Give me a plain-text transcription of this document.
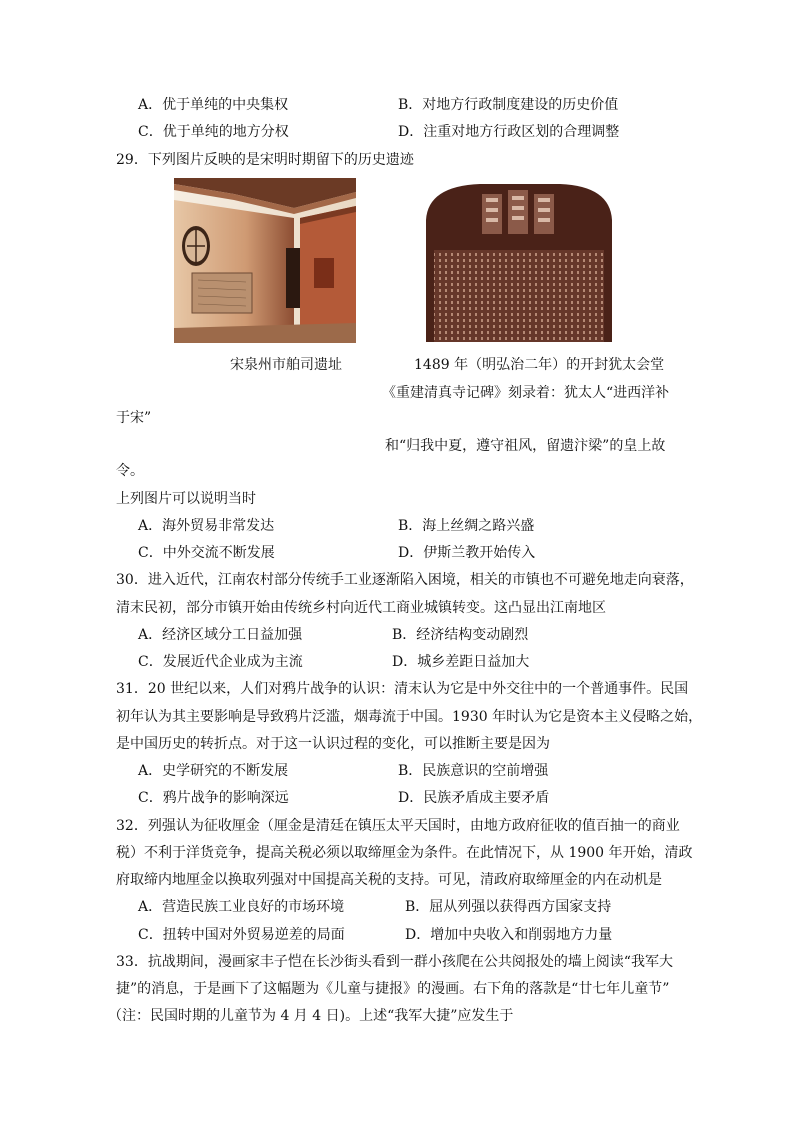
A．优于单纯的中央集权	B．对地方行政制度建设的历史价值
C．优于单纯的地方分权	D．注重对地方行政区划的合理调整
29．下列图片反映的是宋明时期留下的历史遗迹
宋泉州市舶司遗址	1489 年（明弘治二年）的开封犹太会堂
《重建清真寺记碑》刻录着：犹太人“进西洋补
于宋”
和“归我中夏，遵守祖风，留遗汴梁”的皇上故
令。
上列图片可以说明当时
A．海外贸易非常发达	B．海上丝绸之路兴盛
C．中外交流不断发展	D．伊斯兰教开始传入
30．进入近代，江南农村部分传统手工业逐渐陷入困境，相关的市镇也不可避免地走向衰落，
清末民初，部分市镇开始由传统乡村向近代工商业城镇转变。这凸显出江南地区
A．经济区域分工日益加强	B．经济结构变动剧烈
C．发展近代企业成为主流	D．城乡差距日益加大
31．20 世纪以来，人们对鸦片战争的认识：清末认为它是中外交往中的一个普通事件。民国
初年认为其主要影响是导致鸦片泛滥，烟毒流于中国。1930 年时认为它是资本主义侵略之始，
是中国历史的转折点。对于这一认识过程的变化，可以推断主要是因为
A．史学研究的不断发展	B．民族意识的空前增强
C．鸦片战争的影响深远	D．民族矛盾成主要矛盾
32．列强认为征收厘金（厘金是清廷在镇压太平天国时，由地方政府征收的值百抽一的商业
税）不利于洋货竞争，提高关税必须以取缔厘金为条件。在此情况下，从 1900 年开始，清政
府取缔内地厘金以换取列强对中国提高关税的支持。可见，清政府取缔厘金的内在动机是
A．营造民族工业良好的市场环境	B．屈从列强以获得西方国家支持
C．扭转中国对外贸易逆差的局面	D．增加中央收入和削弱地方力量
33．抗战期间，漫画家丰子恺在长沙街头看到一群小孩爬在公共阅报处的墙上阅读“我军大
捷”的消息，于是画下了这幅题为《儿童与捷报》的漫画。右下角的落款是“廿七年儿童节”
（注：民国时期的儿童节为 4 月 4 日)。上述“我军大捷”应发生于
